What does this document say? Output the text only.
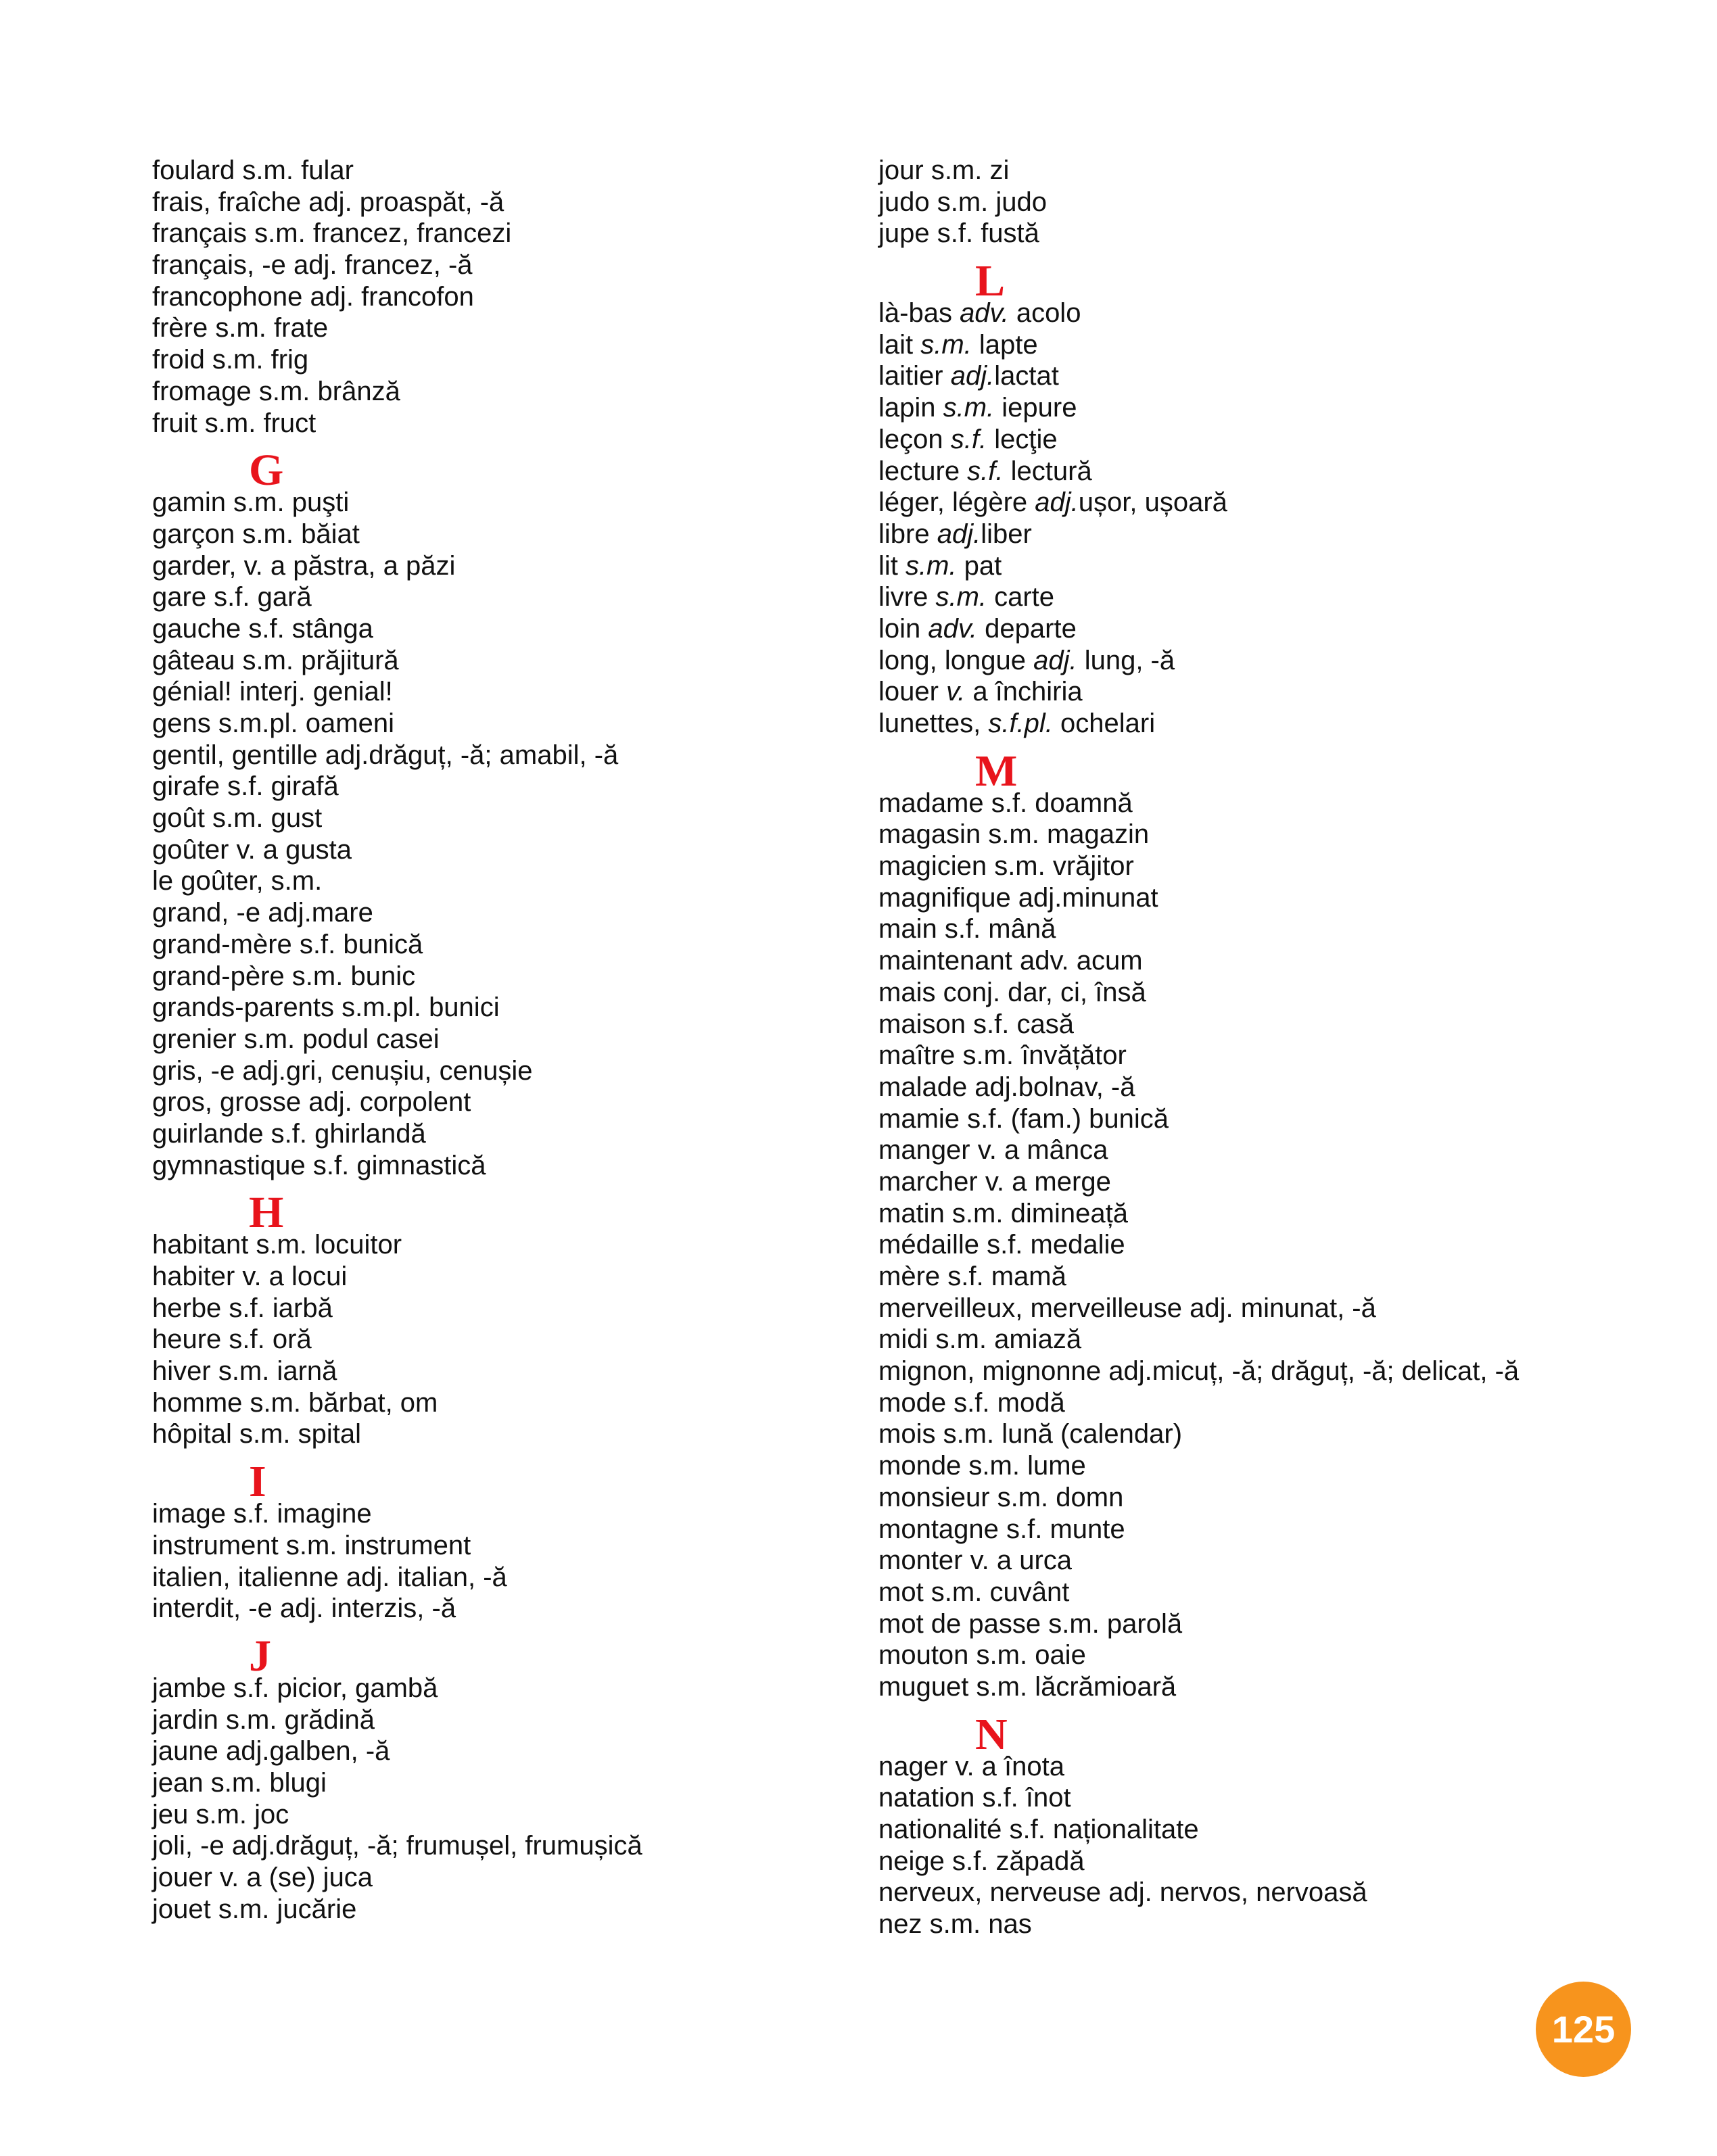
foulard s.m. fular
frais, fraîche adj. proaspăt, -ă
français s.m. francez, francezi
français, -e adj. francez, -ă
francophone adj. francofon
frère s.m. frate
froid s.m. frig
fromage s.m. brânză
fruit s.m. fruct
G
gamin s.m. puşti
garçon s.m. băiat
garder, v. a păstra, a păzi
gare s.f. gară
gauche s.f. stânga
gâteau s.m. prăjitură
génial! interj. genial!
gens s.m.pl. oameni
gentil, gentille adj.drăguț, -ă; amabil, -ă
girafe s.f. girafă
goût s.m. gust
goûter v. a gusta
le goûter, s.m.
grand, -e adj.mare
grand-mère s.f. bunică
grand-père s.m. bunic
grands-parents s.m.pl. bunici
grenier s.m. podul casei
gris, -e adj.gri, cenușiu, cenușie
gros, grosse adj. corpolent
guirlande s.f. ghirlandă
gymnastique s.f. gimnastică
H
habitant s.m. locuitor
habiter v. a locui
herbe s.f. iarbă
heure s.f. oră
hiver s.m. iarnă
homme s.m. bărbat, om
hôpital s.m. spital
I
image s.f. imagine
instrument s.m. instrument
italien, italienne adj. italian, -ă
interdit, -e adj. interzis, -ă
J
jambe s.f. picior, gambă
jardin s.m. grădină
jaune adj.galben, -ă
jean s.m. blugi
jeu s.m. joc
joli, -e adj.drăguț, -ă; frumușel, frumușică
jouer v. a (se) juca
jouet s.m. jucărie
jour s.m. zi
judo s.m. judo
jupe s.f. fustă
L
là-bas adv. acolo
lait s.m. lapte
laitier adj.lactat
lapin s.m. iepure
leçon s.f. lecţie
lecture s.f. lectură
léger, légère adj.ușor, ușoară
libre adj.liber
lit s.m. pat
livre s.m. carte
loin adv. departe
long, longue adj. lung, -ă
louer v. a închiria
lunettes, s.f.pl. ochelari
M
madame s.f. doamnă
magasin s.m. magazin
magicien s.m. vrăjitor
magnifique adj.minunat
main s.f. mână
maintenant adv. acum
mais conj. dar, ci, însă
maison s.f. casă
maître s.m. învățător
malade adj.bolnav, -ă
mamie s.f. (fam.) bunică
manger v. a mânca
marcher v. a merge
matin s.m. dimineață
médaille s.f. medalie
mère s.f. mamă
merveilleux, merveilleuse adj. minunat, -ă
midi s.m. amiază
mignon, mignonne adj.micuț, -ă; drăguț, -ă; delicat, -ă
mode s.f. modă
mois s.m. lună (calendar)
monde s.m. lume
monsieur s.m. domn
montagne s.f. munte
monter v. a urca
mot s.m. cuvânt
mot de passe s.m. parolă
mouton s.m. oaie
muguet s.m. lăcrămioară
N
nager v. a înota
natation s.f. înot
nationalité s.f. naționalitate
neige s.f. zăpadă
nerveux, nerveuse adj. nervos, nervoasă
nez s.m. nas
125
